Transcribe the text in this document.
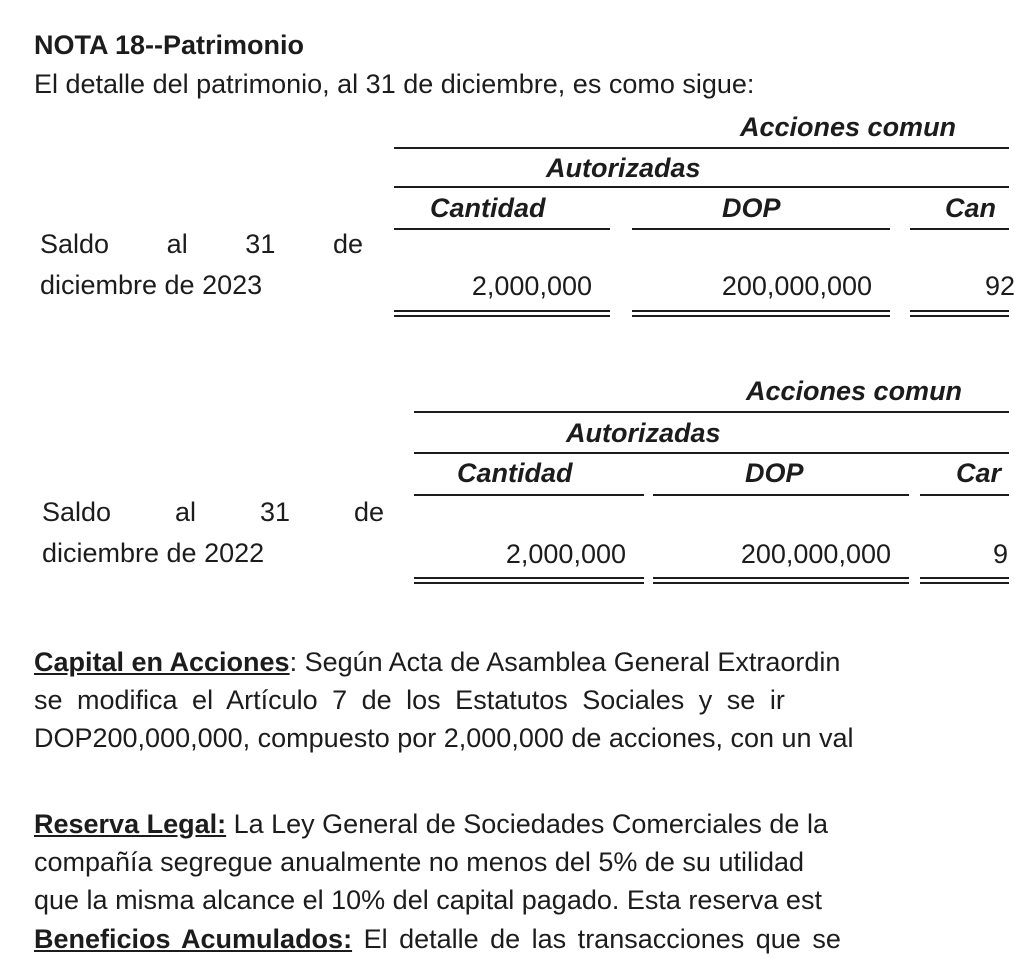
NOTA 18--Patrimonio
El detalle del patrimonio, al 31 de diciembre, es como sigue:
Acciones comun
Autorizadas
Cantidad	DOP	Can
Saldo al 31 de
diciembre de 2023	2,000,000	200,000,000	92
Acciones comun
Autorizadas
Cantidad	DOP	Car
Saldo al 31 de
diciembre de 2022	2,000,000	200,000,000	9
Capital en Acciones: Según Acta de Asamblea General Extraordin
se modifica el Artículo 7 de los Estatutos Sociales y se ir
DOP200,000,000, compuesto por 2,000,000 de acciones, con un val
Reserva Legal: La Ley General de Sociedades Comerciales de la
compañía segregue anualmente no menos del 5% de su utilidad
que la misma alcance el 10% del capital pagado. Esta reserva est
Beneficios Acumulados: El detalle de las transacciones que se
